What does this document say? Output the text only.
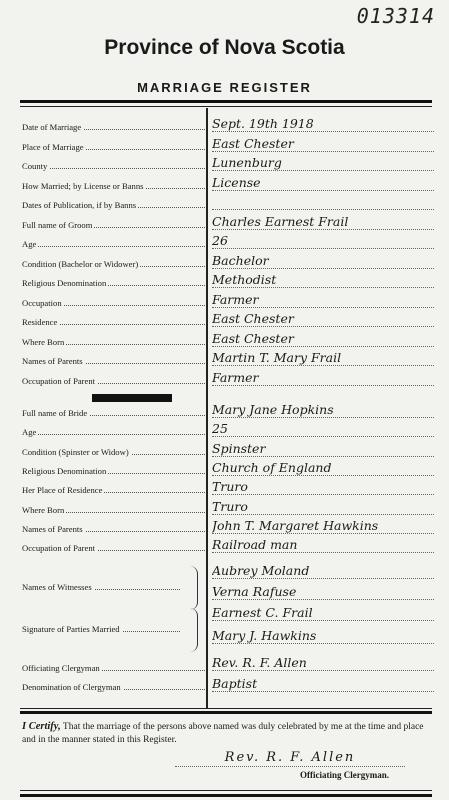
013314
Province of Nova Scotia
MARRIAGE REGISTER
Date of Marriage	Sept. 19th 1918
Place of Marriage	East Chester
County	Lunenburg
How Married; by License or Banns	License
Dates of Publication, if by Banns
Full name of Groom	Charles Earnest Frail
Age	26
Condition (Bachelor or Widower)	Bachelor
Religious Denomination	Methodist
Occupation	Farmer
Residence	East Chester
Where Born	East Chester
Names of Parents	Martin T. Mary Frail
Occupation of Parent	Farmer
Full name of Bride	Mary Jane Hopkins
Age	25
Condition (Spinster or Widow)	Spinster
Religious Denomination	Church of England
Her Place of Residence	Truro
Where Born	Truro
Names of Parents	John T. Margaret Hawkins
Occupation of Parent	Railroad man
Names of Witnesses
Aubrey Moland
Verna Rafuse
Signature of Parties Married
Earnest C. Frail
Mary J. Hawkins
Officiating Clergyman	Rev. R. F. Allen
Denomination of Clergyman	Baptist
I Certify, That the marriage of the persons above named was duly celebrated by me at the time and place and in the manner stated in this Register.
Rev. R. F. Allen
Officiating Clergyman.
